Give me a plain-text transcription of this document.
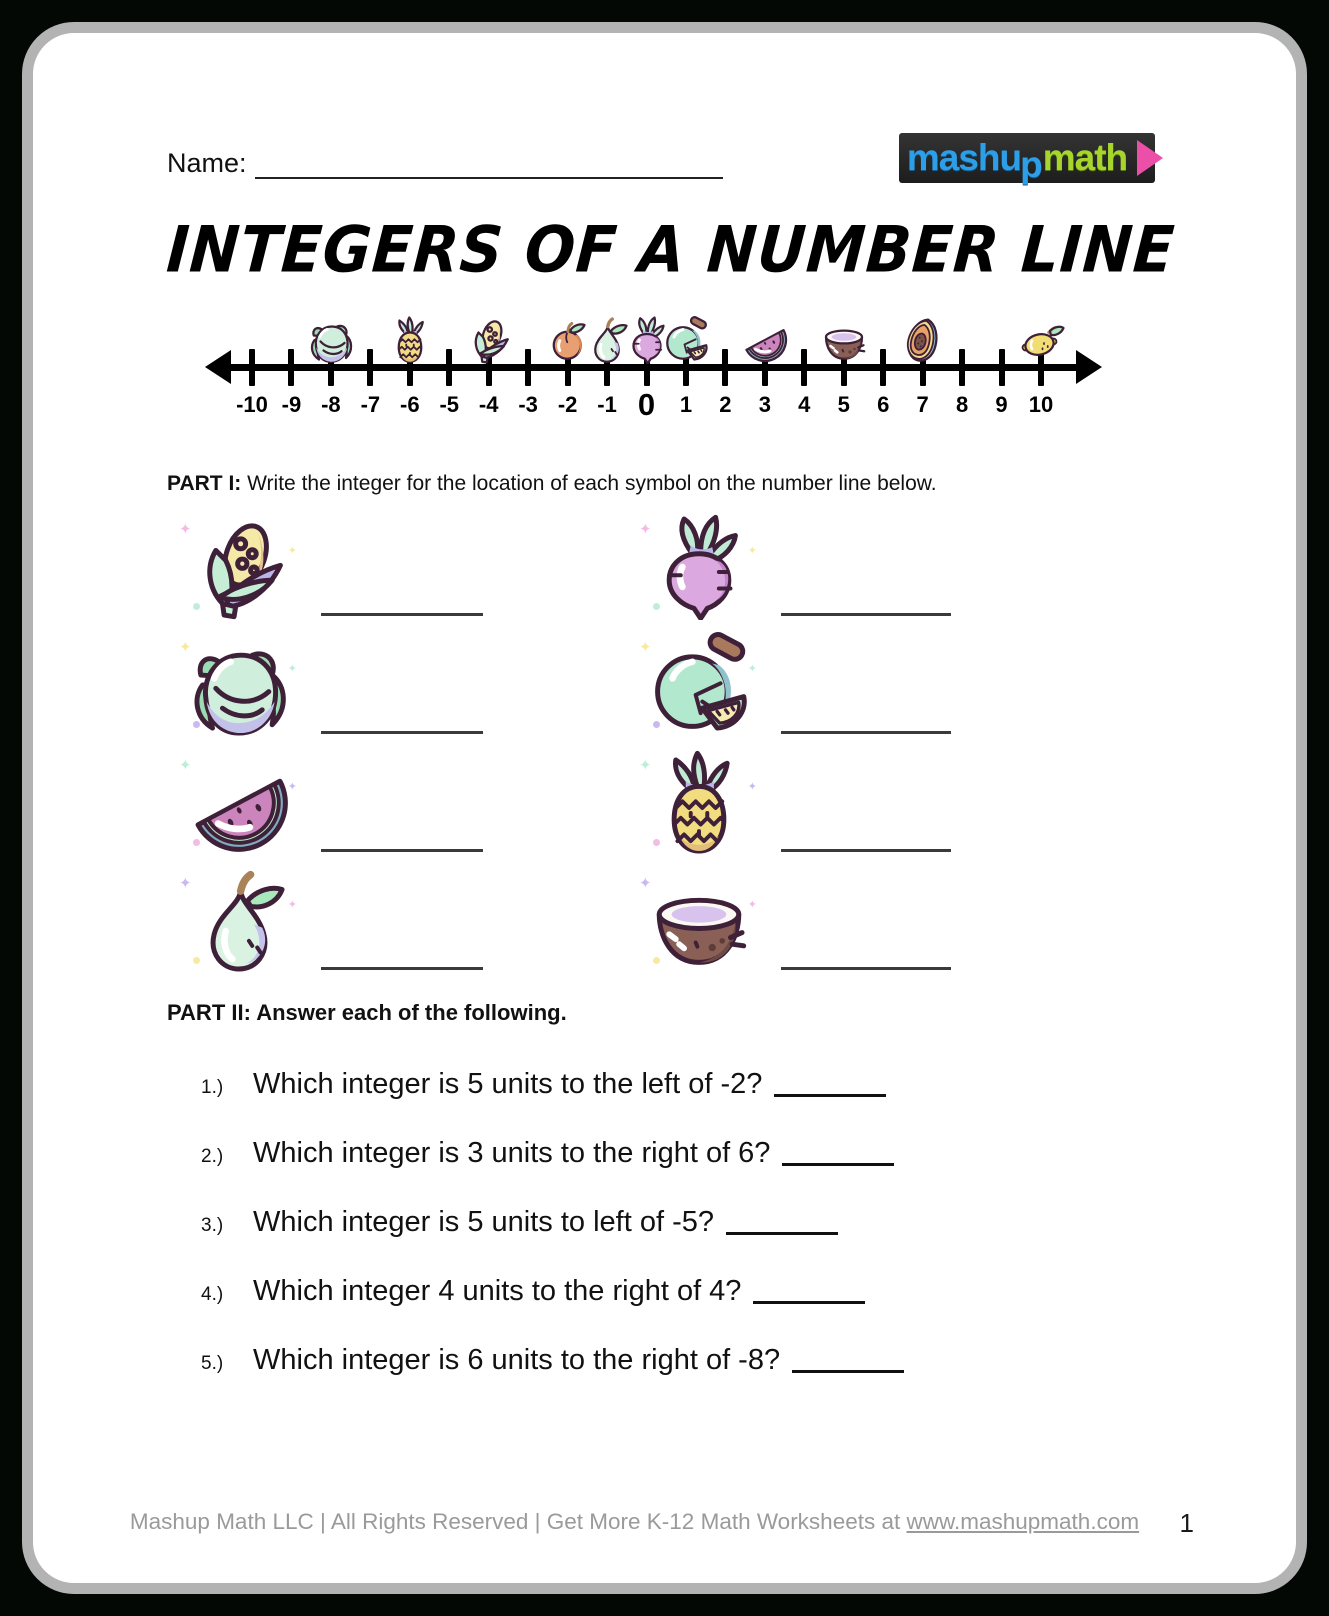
Name:	mashu p math
INTEGERS OF A NUMBER LINE
-10 -9 -8 -7 -6 -5 -4 -3 -2 -1 0	1	2	3	4	5	6	7	8	9 10
PART I: Write the integer for the location of each symbol on the number line below.
✦
✦
✦
✦
✦
✦
✦
✦
✦
✦
✦
✦
✦
✦
✦
✦
PART II: Answer each of the following.
1.)	Which integer is 5 units to the left of -2?
2.)	Which integer is 3 units to the right of 6?
3.)	Which integer is 5 units to left of -5?
4.)	Which integer 4 units to the right of 4?
5.)	Which integer is 6 units to the right of -8?
Mashup Math LLC | All Rights Reserved | Get More K-12 Math Worksheets at www.mashupmath.com	1
